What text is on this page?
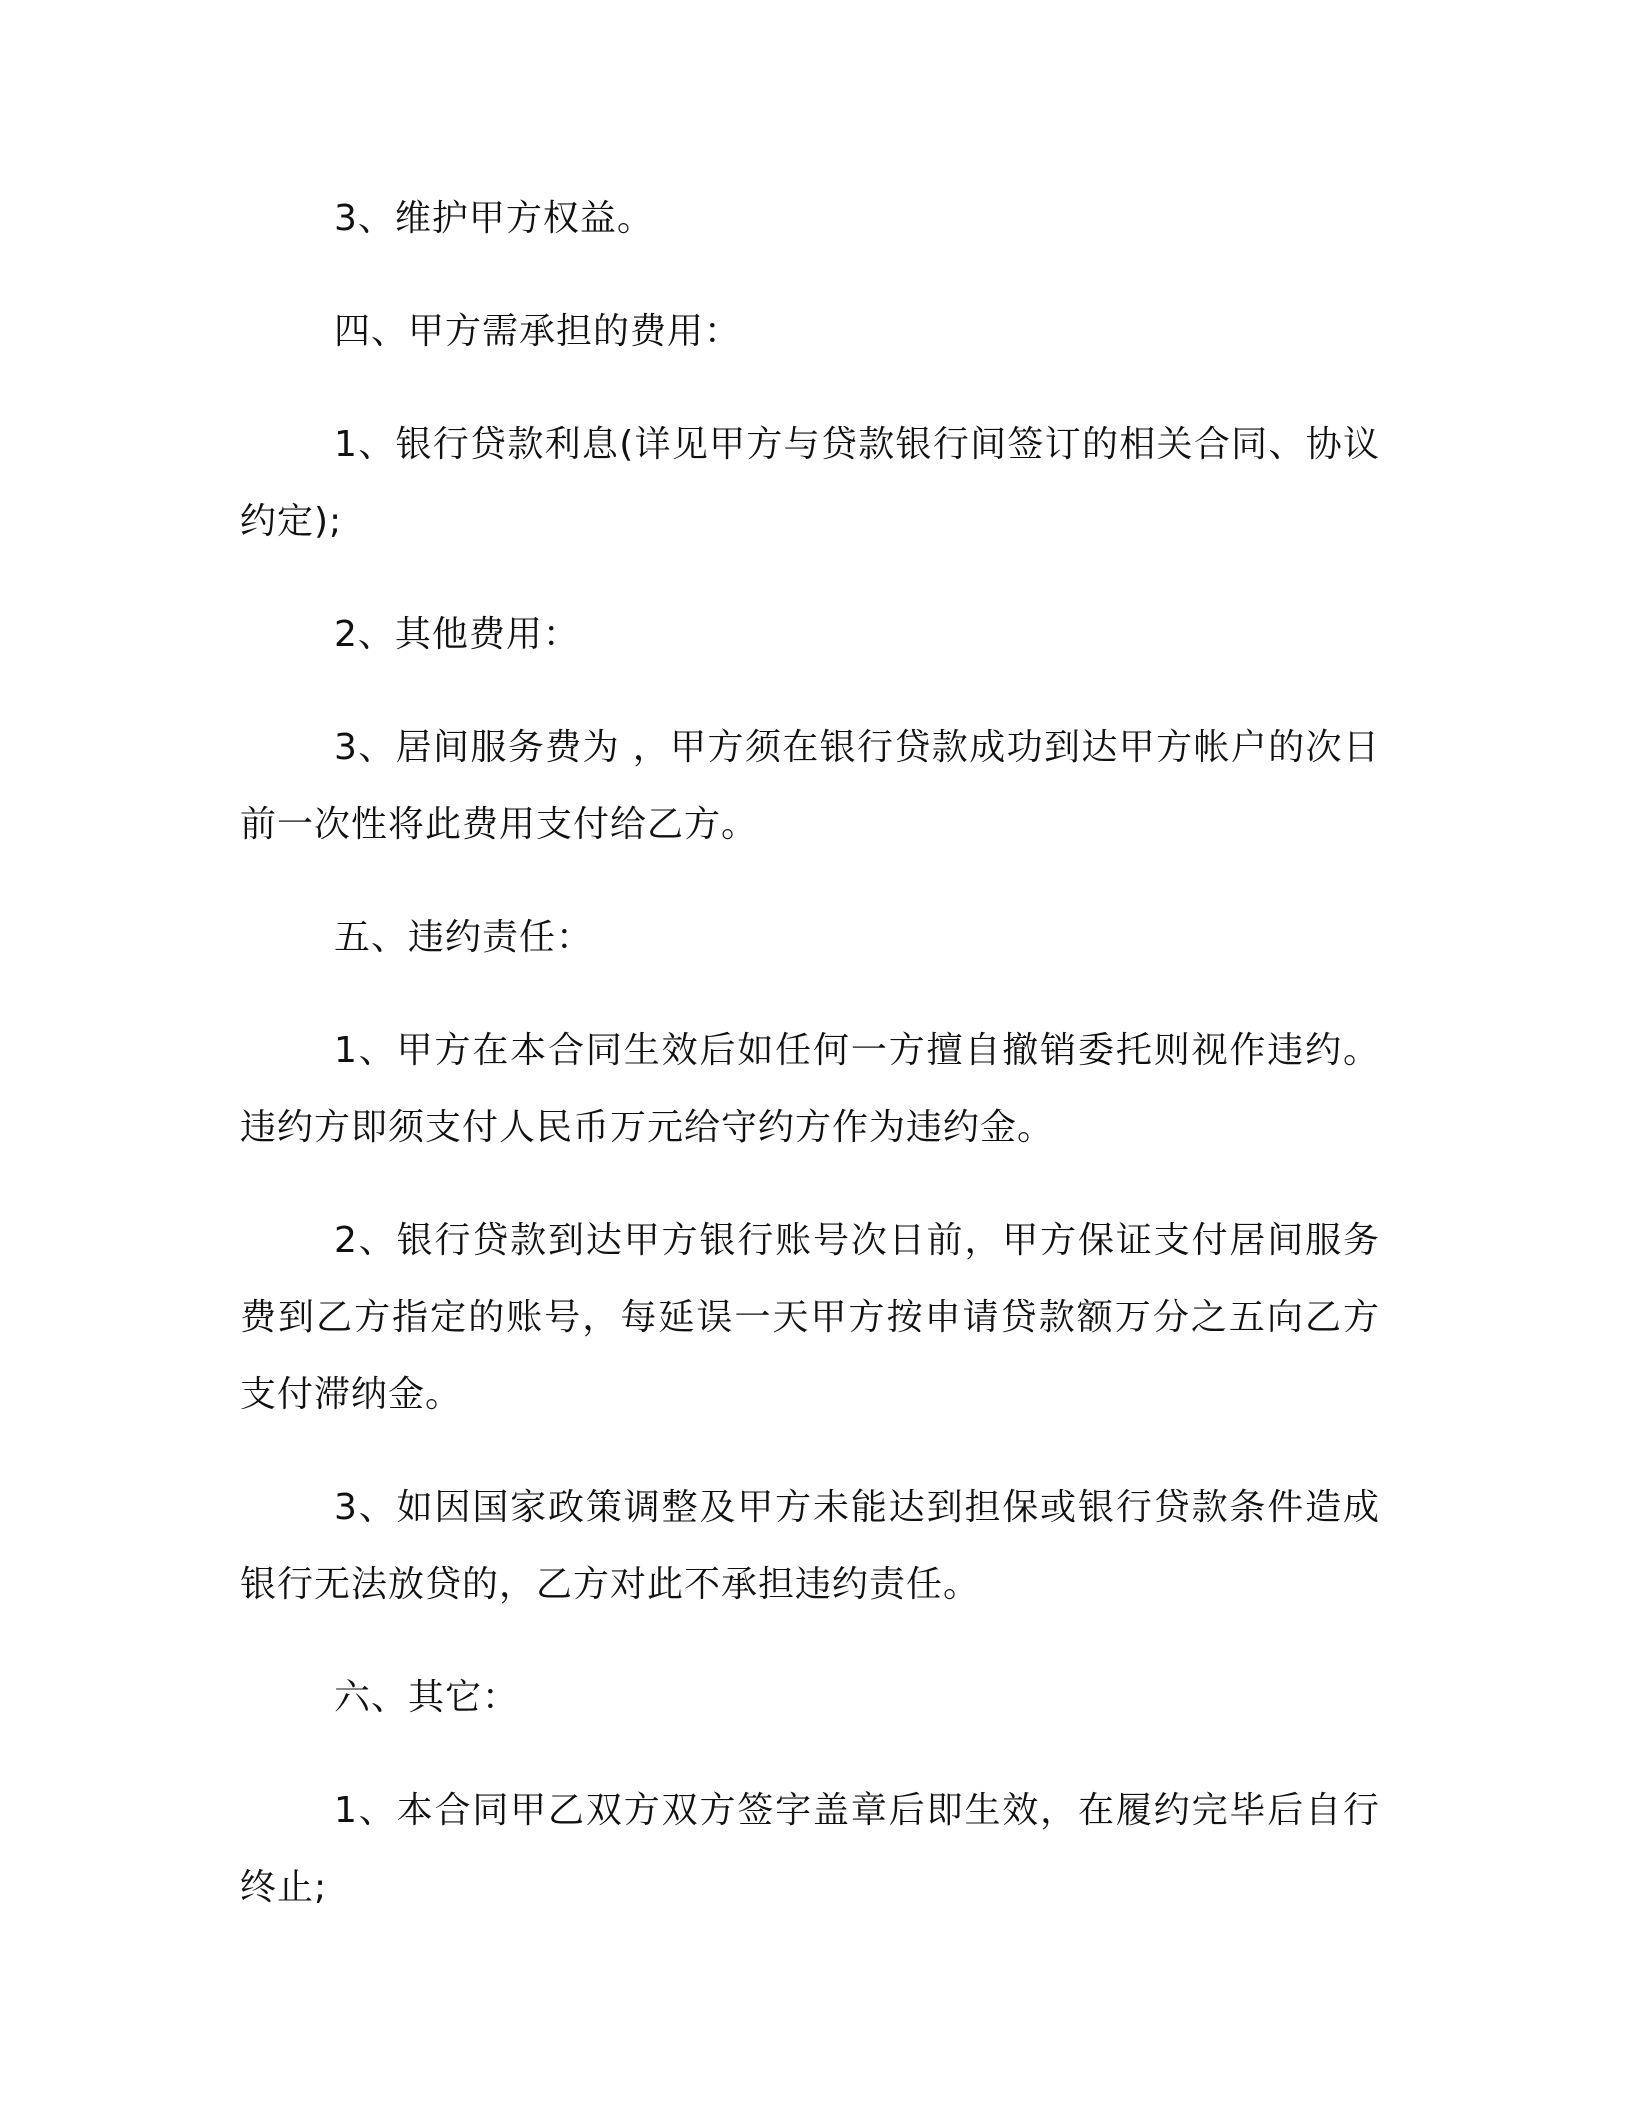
3、维护甲方权益。

四、甲方需承担的费用：

1、银行贷款利息(详见甲方与贷款银行间签订的相关合同、协议约定);

2、其他费用：

3、居间服务费为 ，甲方须在银行贷款成功到达甲方帐户的次日前一次性将此费用支付给乙方。

五、违约责任：

1、甲方在本合同生效后如任何一方擅自撤销委托则视作违约。违约方即须支付人民币万元给守约方作为违约金。

2、银行贷款到达甲方银行账号次日前，甲方保证支付居间服务费到乙方指定的账号，每延误一天甲方按申请贷款额万分之五向乙方支付滞纳金。

3、如因国家政策调整及甲方未能达到担保或银行贷款条件造成银行无法放贷的，乙方对此不承担违约责任。

六、其它：

1、本合同甲乙双方双方签字盖章后即生效，在履约完毕后自行终止;
